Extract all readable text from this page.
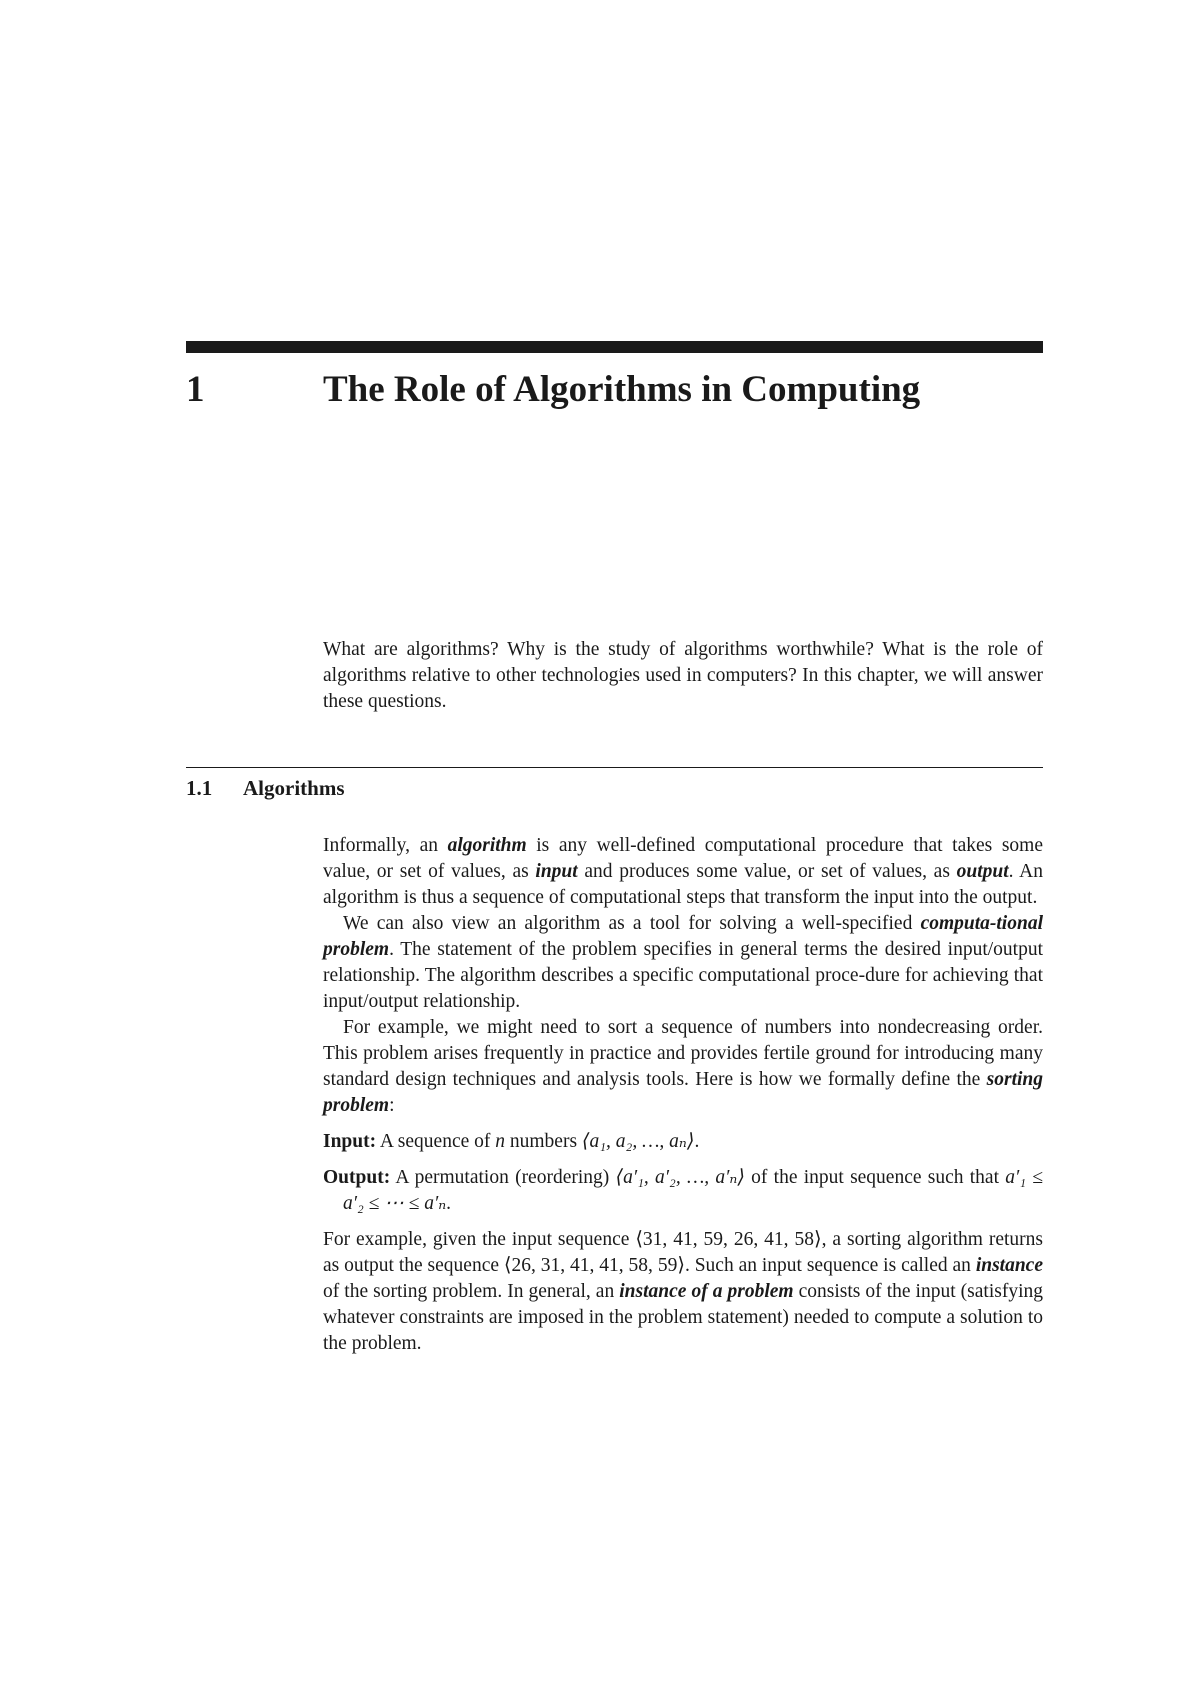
1	The Role of Algorithms in Computing

What are algorithms? Why is the study of algorithms worthwhile? What is the role of algorithms relative to other technologies used in computers? In this chapter, we will answer these questions.

1.1 Algorithms

Informally, an algorithm is any well-defined computational procedure that takes some value, or set of values, as input and produces some value, or set of values, as output. An algorithm is thus a sequence of computational steps that transform the input into the output.

We can also view an algorithm as a tool for solving a well-specified computa-tional problem. The statement of the problem specifies in general terms the desired input/output relationship. The algorithm describes a specific computational proce-dure for achieving that input/output relationship.

For example, we might need to sort a sequence of numbers into nondecreasing order. This problem arises frequently in practice and provides fertile ground for introducing many standard design techniques and analysis tools. Here is how we formally define the sorting problem:

Input: A sequence of n numbers ⟨a₁, a₂, …, aₙ⟩.

Output: A permutation (reordering) ⟨a′₁, a′₂, …, a′ₙ⟩ of the input sequence such that a′₁ ≤ a′₂ ≤ ⋯ ≤ a′ₙ.

For example, given the input sequence ⟨31, 41, 59, 26, 41, 58⟩, a sorting algorithm returns as output the sequence ⟨26, 31, 41, 41, 58, 59⟩. Such an input sequence is called an instance of the sorting problem. In general, an instance of a problem consists of the input (satisfying whatever constraints are imposed in the problem statement) needed to compute a solution to the problem.
